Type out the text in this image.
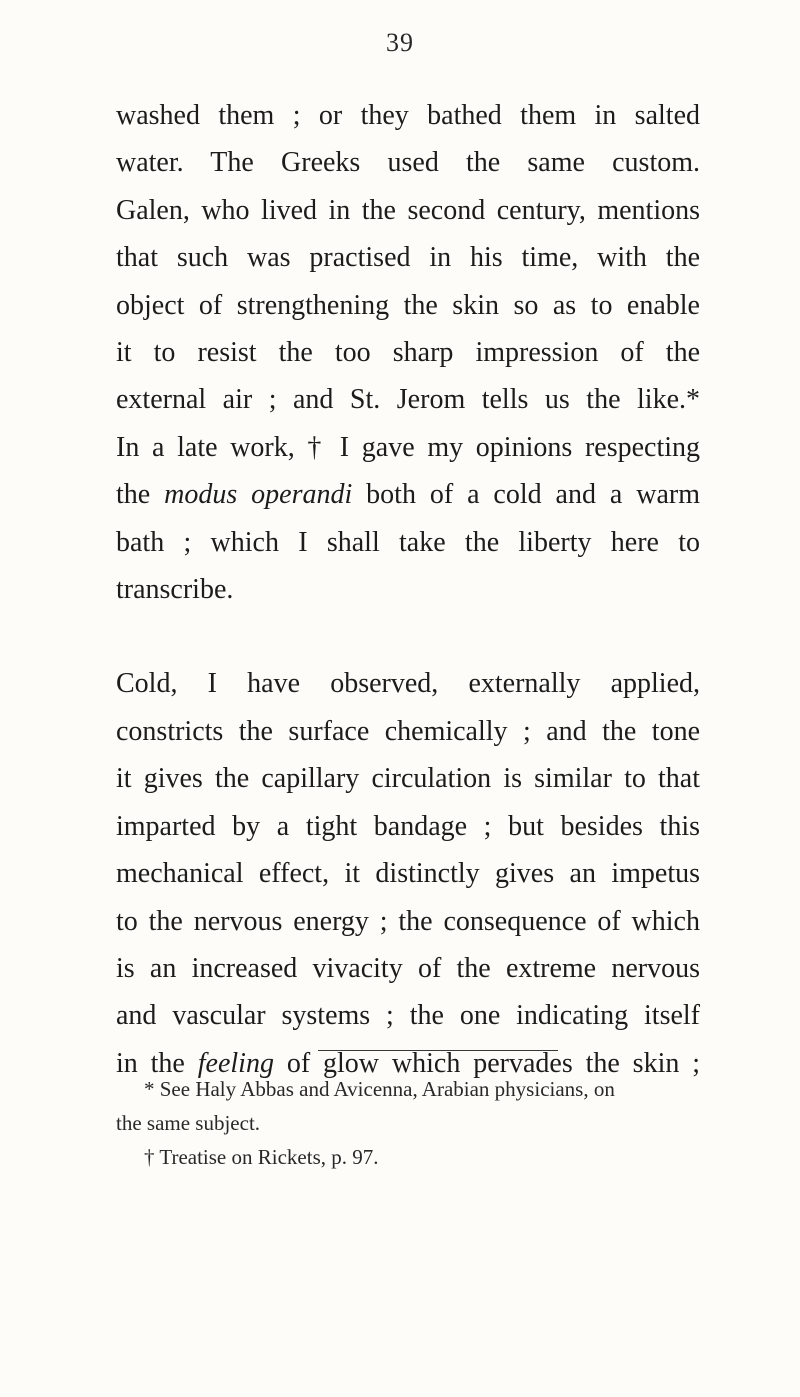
39
washed them ; or they bathed them in salted
water. The Greeks used the same custom.
Galen, who lived in the second century, mentions
that such was practised in his time, with the
object of strengthening the skin so as to enable
it to resist the too sharp impression of the
external air ; and St. Jerom tells us the like.*
In a late work, † I gave my opinions respecting
the modus operandi both of a cold and a warm
bath ; which I shall take the liberty here to
transcribe.
Cold, I have observed, externally applied,
constricts the surface chemically ; and the tone
it gives the capillary circulation is similar to that
imparted by a tight bandage ; but besides this
mechanical effect, it distinctly gives an impetus
to the nervous energy ; the consequence of which
is an increased vivacity of the extreme nervous
and vascular systems ; the one indicating itself
in the feeling of glow which pervades the skin ;
* See Haly Abbas and Avicenna, Arabian physicians, on
the same subject.
† Treatise on Rickets, p. 97.
